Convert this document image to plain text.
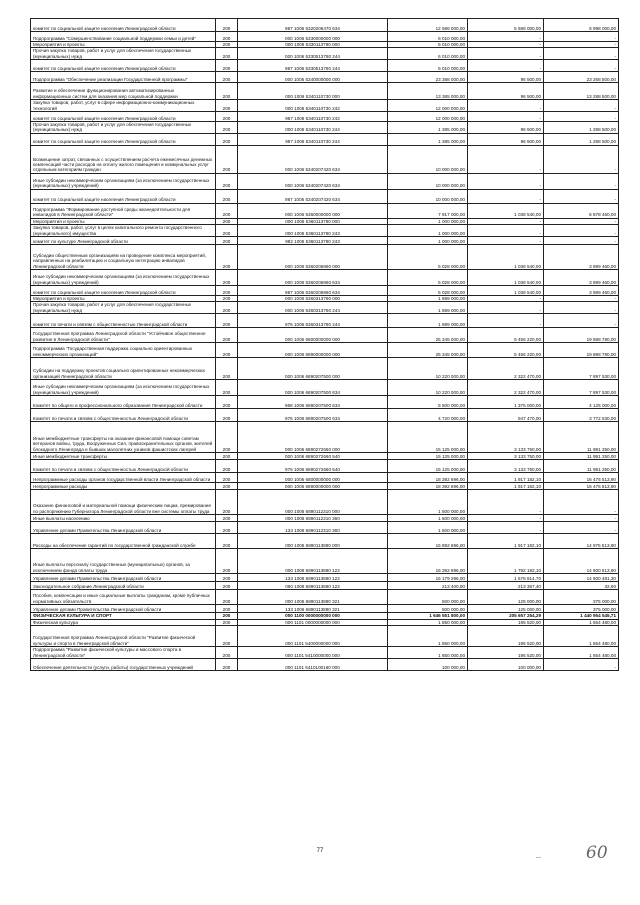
комитет по социальной защите населения Ленинградской области	200	987 1006 5320206470 634	12 586 000,00	5 588 000,00	6 998 000,00
Подпрограмма "Совершенствование социальной поддержки семьи и детей"	200	000 1006 5330000000 000	6 010 000,00	-	-
Мероприятия и проекты	200	000 1006 5330113780 000	6 010 000,00	-	-
Прочая закупка товаров, работ и услуг для обеспечения государственных (муниципальных) нужд	200	000 1006 5330513780 244	6 010 000,00	-	-
комитет по социальной защите населения Ленинградской области	200	987 1006 5330513780 244	6 010 000,00	-	-
Подпрограмма "Обеспечение реализации Государственной программы"	200	000 1006 5340000000 000	23 388 000,00	96 500,00	23 268 500,00
Развитие и обеспечение функционирования автоматизированных информационных систем для оказания мер социальной поддержки	200	000 1006 5340110730 000	13 385 000,00	96 500,00	13 288 500,00
Закупка товаров, работ, услуг в сфере информационно-коммуникационных технологий	200	000 1006 5340110730 242	12 000 000,00	-	-
комитет по социальной защите населения Ленинградской области	200	987 1006 5340110730 242	12 000 000,00	-	-
Прочая закупка товаров, работ и услуг для обеспечения государственных (муниципальных) нужд	200	000 1006 5340110730 244	1 385 000,00	96 500,00	1 288 500,00
комитет по социальной защите населения Ленинградской области	200	987 1006 5340110730 244	1 385 000,00	96 500,00	1 288 500,00
Возмещение затрат, связанных с осуществлением расчета ежемесячных денежных компенсаций части расходов на оплату жилого помещения и коммунальных услуг отдельным категориям граждан	200	000 1006 5340207420 634	10 000 000,00	-	-
Иные субсидии некоммерческим организациям (за исключением государственных (муниципальных) учреждений)	200	000 1006 5340207420 634	10 000 000,00	-	-
комитет по социальной защите населения Ленинградской области	200	987 1006 5340207420 634	10 000 000,00	-	-
Подпрограмма "Формирование доступной среды жизнедеятельности для инвалидов в Ленинградской области"	200	000 1006 5360000000 000	7 917 000,00	1 038 540,00	6 878 460,00
Мероприятия и проекты	200	000 1006 5360113780 000	1 000 000,00	-	-
Закупка товаров, работ, услуг в целях капитального ремонта государственного (муниципального) имущества	200	000 1006 5360113780 243	1 000 000,00	-	-
комитет по культуре Ленинградской области	200	982 1006 5360113780 243	1 000 000,00	-	-
Субсидии общественным организациям на проведение комплекса мероприятий, направленных на реабилитацию и социальную интеграцию инвалидов Ленинградской области	200	000 1006 5360206860 000	5 028 000,00	1 038 540,00	3 989 460,00
Иные субсидии некоммерческим организациям (за исключением государственных (муниципальных) учреждений)	200	000 1006 5360206860 634	5 028 000,00	1 038 540,00	3 989 460,00
комитет по социальной защите населения Ленинградской области	200	987 1006 5360206860 634	5 028 000,00	1 038 540,00	3 989 460,00
Мероприятия и проекты	200	000 1006 5360313780 000	1 889 000,00	-	-
Прочая закупка товаров, работ и услуг для обеспечения государственных (муниципальных) нужд	200	000 1006 5360313780 244	1 889 000,00	-	-
комитет по печати и связям с общественностью Ленинградской области	200	976 1006 5360313780 244	1 889 000,00	-	-
Государственная программа Ленинградской области "Устойчивое общественное развитие в Ленинградской области"	200	000 1006 6800000000 000	25 345 000,00	5 456 220,00	19 888 780,00
Подпрограмма "Государственная поддержка социально ориентированных некоммерческих организаций"	200	000 1006 6890000000 000	25 345 000,00	5 456 220,00	19 888 780,00
Субсидии на поддержку проектов социально ориентированных некоммерческих организаций Ленинградской области	200	000 1006 6890207500 000	10 220 000,00	2 322 470,00	7 897 530,00
Иные субсидии некоммерческим организациям (за исключением государственных (муниципальных) учреждений)	200	000 1006 6890207500 634	10 220 000,00	2 322 470,00	7 897 530,00
Комитет по общего и профессионального образования Ленинградской области	200	968 1006 6890207500 634	5 500 000,00	1 375 000,00	4 125 000,00
Комитет по печати и связям с общественностью Ленинградской области	200	976 1006 6890207500 634	4 720 000,00	947 470,00	3 772 530,00
Иные межбюджетные трансферты на оказание финансовой помощи советам ветеранов войны, труда, Вооруженных Сил, правоохранительных органов, жителей блокадного Ленинграда и бывших малолетних узников фашистских лагерей	200	000 1006 6890272660 000	15 125 000,00	3 133 750,00	11 991 250,00
Иные межбюджетные трансферты	200	000 1006 6890272660 540	15 125 000,00	3 133 750,00	11 991 250,00
Комитет по печати и связям с общественностью Ленинградской области	200	976 1006 6890272660 540	15 125 000,00	3 133 750,00	11 991 250,00
Непрограммные расходы органов государственной власти Ленинградской области	200	000 1006 6800000000 000	18 392 696,00	1 917 182,10	16 475 513,90
Непрограммные расходы	200	000 1006 6890000000 000	18 392 696,00	1 917 182,10	16 475 513,90
Оказание финансовой и материальной помощи физическим лицам, премирование по распоряжению Губернатора Ленинградской области вне системы оплаты труда	200	000 1006 6890112310 000	1 500 000,00	-	-
Иные выплаты населению	200	000 1006 6890112310 360	1 500 000,00	-	-
Управление делами Правительства Ленинградской области	200	133 1006 6890112310 360	1 500 000,00	-	-
Расходы на обеспечение гарантий по государственной гражданской службе	200	000 1006 6890113880 000	16 892 696,00	1 917 182,10	14 975 513,90
Иные выплаты персоналу государственных (муниципальных) органов, за исключением фонда оплаты труда	200	000 1006 6890113880 122	16 392 696,00	1 792 182,10	14 600 513,90
Управление делами Правительства Ленинградской области	200	133 1006 6890113880 122	16 179 296,00	1 578 814,70	14 600 481,30
Законодательное собрание Ленинградской области	200	060 1006 6890113880 122	213 400,00	213 367,40	32,60
Пособия, компенсации и иные социальные выплаты гражданам, кроме публичных нормативных обязательств	200	000 1006 6890113880 321	500 000,00	125 000,00	375 000,00
Управление делами Правительства Ленинградской области	200	133 1006 6890113880 321	500 000,00	125 000,00	375 000,00
ФИЗИЧЕСКАЯ КУЛЬТУРА И СПОРТ	200	000 1100 0000000000 000	1 646 551 800,00	205 657 254,29	1 440 954 545,71
Физическая культура	200	000 1101 0000000000 000	1 850 000,00	195 520,00	1 654 480,00
Государственная программа Ленинградской области "Развитие физической культуры и спорта в Ленинградской области"	200	000 1101 5400000000 000	1 850 000,00	195 520,00	1 654 480,00
Подпрограмма "Развитие физической культуры и массового спорта в Ленинградской области"	200	000 1101 5410000000 000	1 850 000,00	195 520,00	1 654 480,00
Обеспечение деятельности (услуги, работы) государственных учреждений	200	000 1101 5410100160 000	100 000,00	100 000,00	-
77
—	60
